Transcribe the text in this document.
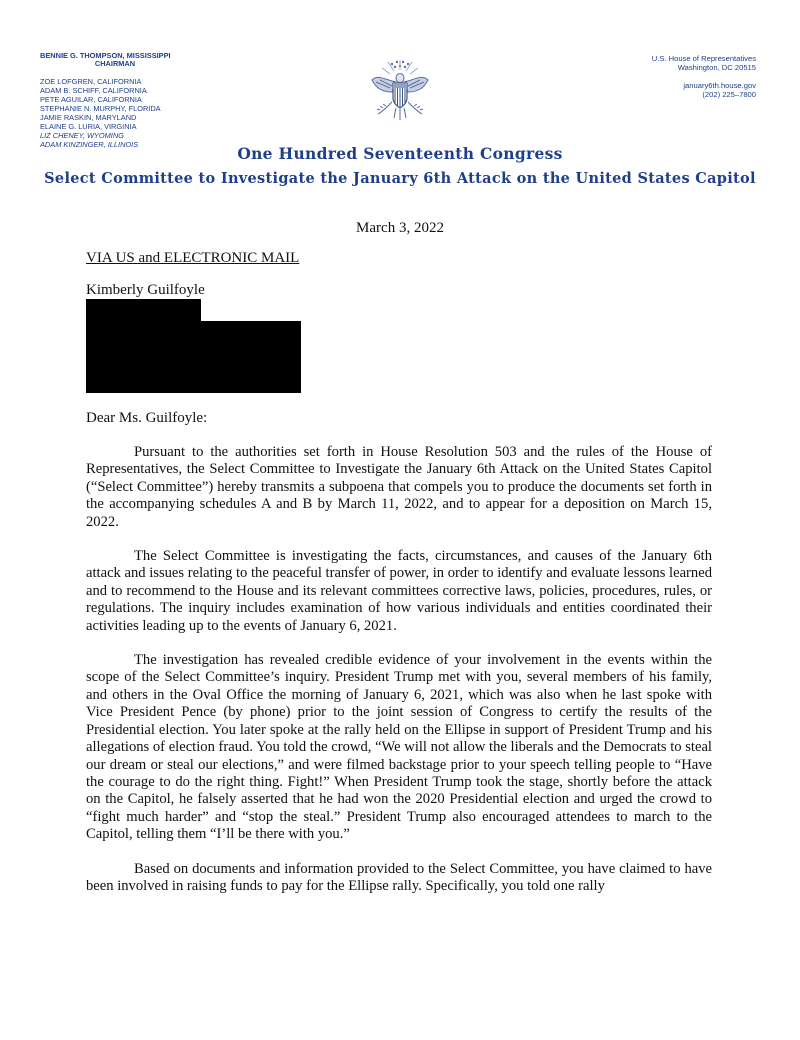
BENNIE G. THOMPSON, MISSISSIPPI
CHAIRMAN
ZOE LOFGREN, CALIFORNIA
ADAM B. SCHIFF, CALIFORNIA
PETE AGUILAR, CALIFORNIA
STEPHANIE N. MURPHY, FLORIDA
JAMIE RASKIN, MARYLAND
ELAINE G. LURIA, VIRGINIA
LIZ CHENEY, WYOMING
ADAM KINZINGER, ILLINOIS
U.S. House of Representatives
Washington, DC 20515
january6th.house.gov
(202) 225–7800
One Hundred Seventeenth Congress
Select Committee to Investigate the January 6th Attack on the United States Capitol
March 3, 2022
VIA US and ELECTRONIC MAIL
Kimberly Guilfoyle
Dear Ms. Guilfoyle:

Pursuant to the authorities set forth in House Resolution 503 and the rules of the House of Representatives, the Select Committee to Investigate the January 6th Attack on the United States Capitol (“Select Committee”) hereby transmits a subpoena that compels you to produce the documents set forth in the accompanying schedules A and B by March 11, 2022, and to appear for a deposition on March 15, 2022.

The Select Committee is investigating the facts, circumstances, and causes of the January 6th attack and issues relating to the peaceful transfer of power, in order to identify and evaluate lessons learned and to recommend to the House and its relevant committees corrective laws, policies, procedures, rules, or regulations. The inquiry includes examination of how various individuals and entities coordinated their activities leading up to the events of January 6, 2021.

The investigation has revealed credible evidence of your involvement in the events within the scope of the Select Committee’s inquiry. President Trump met with you, several members of his family, and others in the Oval Office the morning of January 6, 2021, which was also when he last spoke with Vice President Pence (by phone) prior to the joint session of Congress to certify the results of the Presidential election. You later spoke at the rally held on the Ellipse in support of President Trump and his allegations of election fraud. You told the crowd, “We will not allow the liberals and the Democrats to steal our dream or steal our elections,” and were filmed backstage prior to your speech telling people to “Have the courage to do the right thing. Fight!” When President Trump took the stage, shortly before the attack on the Capitol, he falsely asserted that he had won the 2020 Presidential election and urged the crowd to “fight much harder” and “stop the steal.” President Trump also encouraged attendees to march to the Capitol, telling them “I’ll be there with you.”

Based on documents and information provided to the Select Committee, you have claimed to have been involved in raising funds to pay for the Ellipse rally. Specifically, you told one rally
